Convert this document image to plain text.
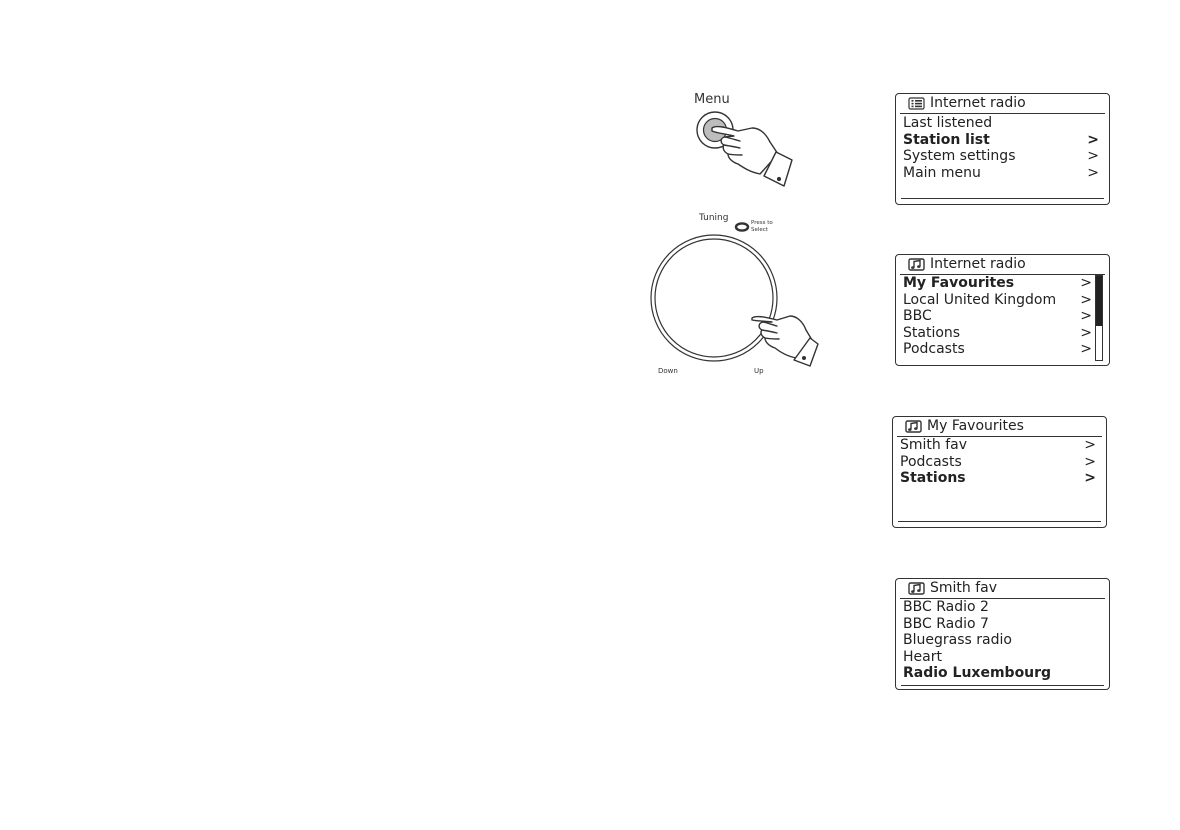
Menu
Tuning	Press to
Select
Down	Up
Internet radio
Last listened
Station list	>
System settings	>
Main menu	>
Internet radio
My Favourites	>
Local United Kingdom >
BBC	>
Stations	>
Podcasts	>
My Favourites
Smith fav	>
Podcasts	>
Stations	>
Smith fav
BBC Radio 2
BBC Radio 7
Bluegrass radio
Heart
Radio Luxembourg
